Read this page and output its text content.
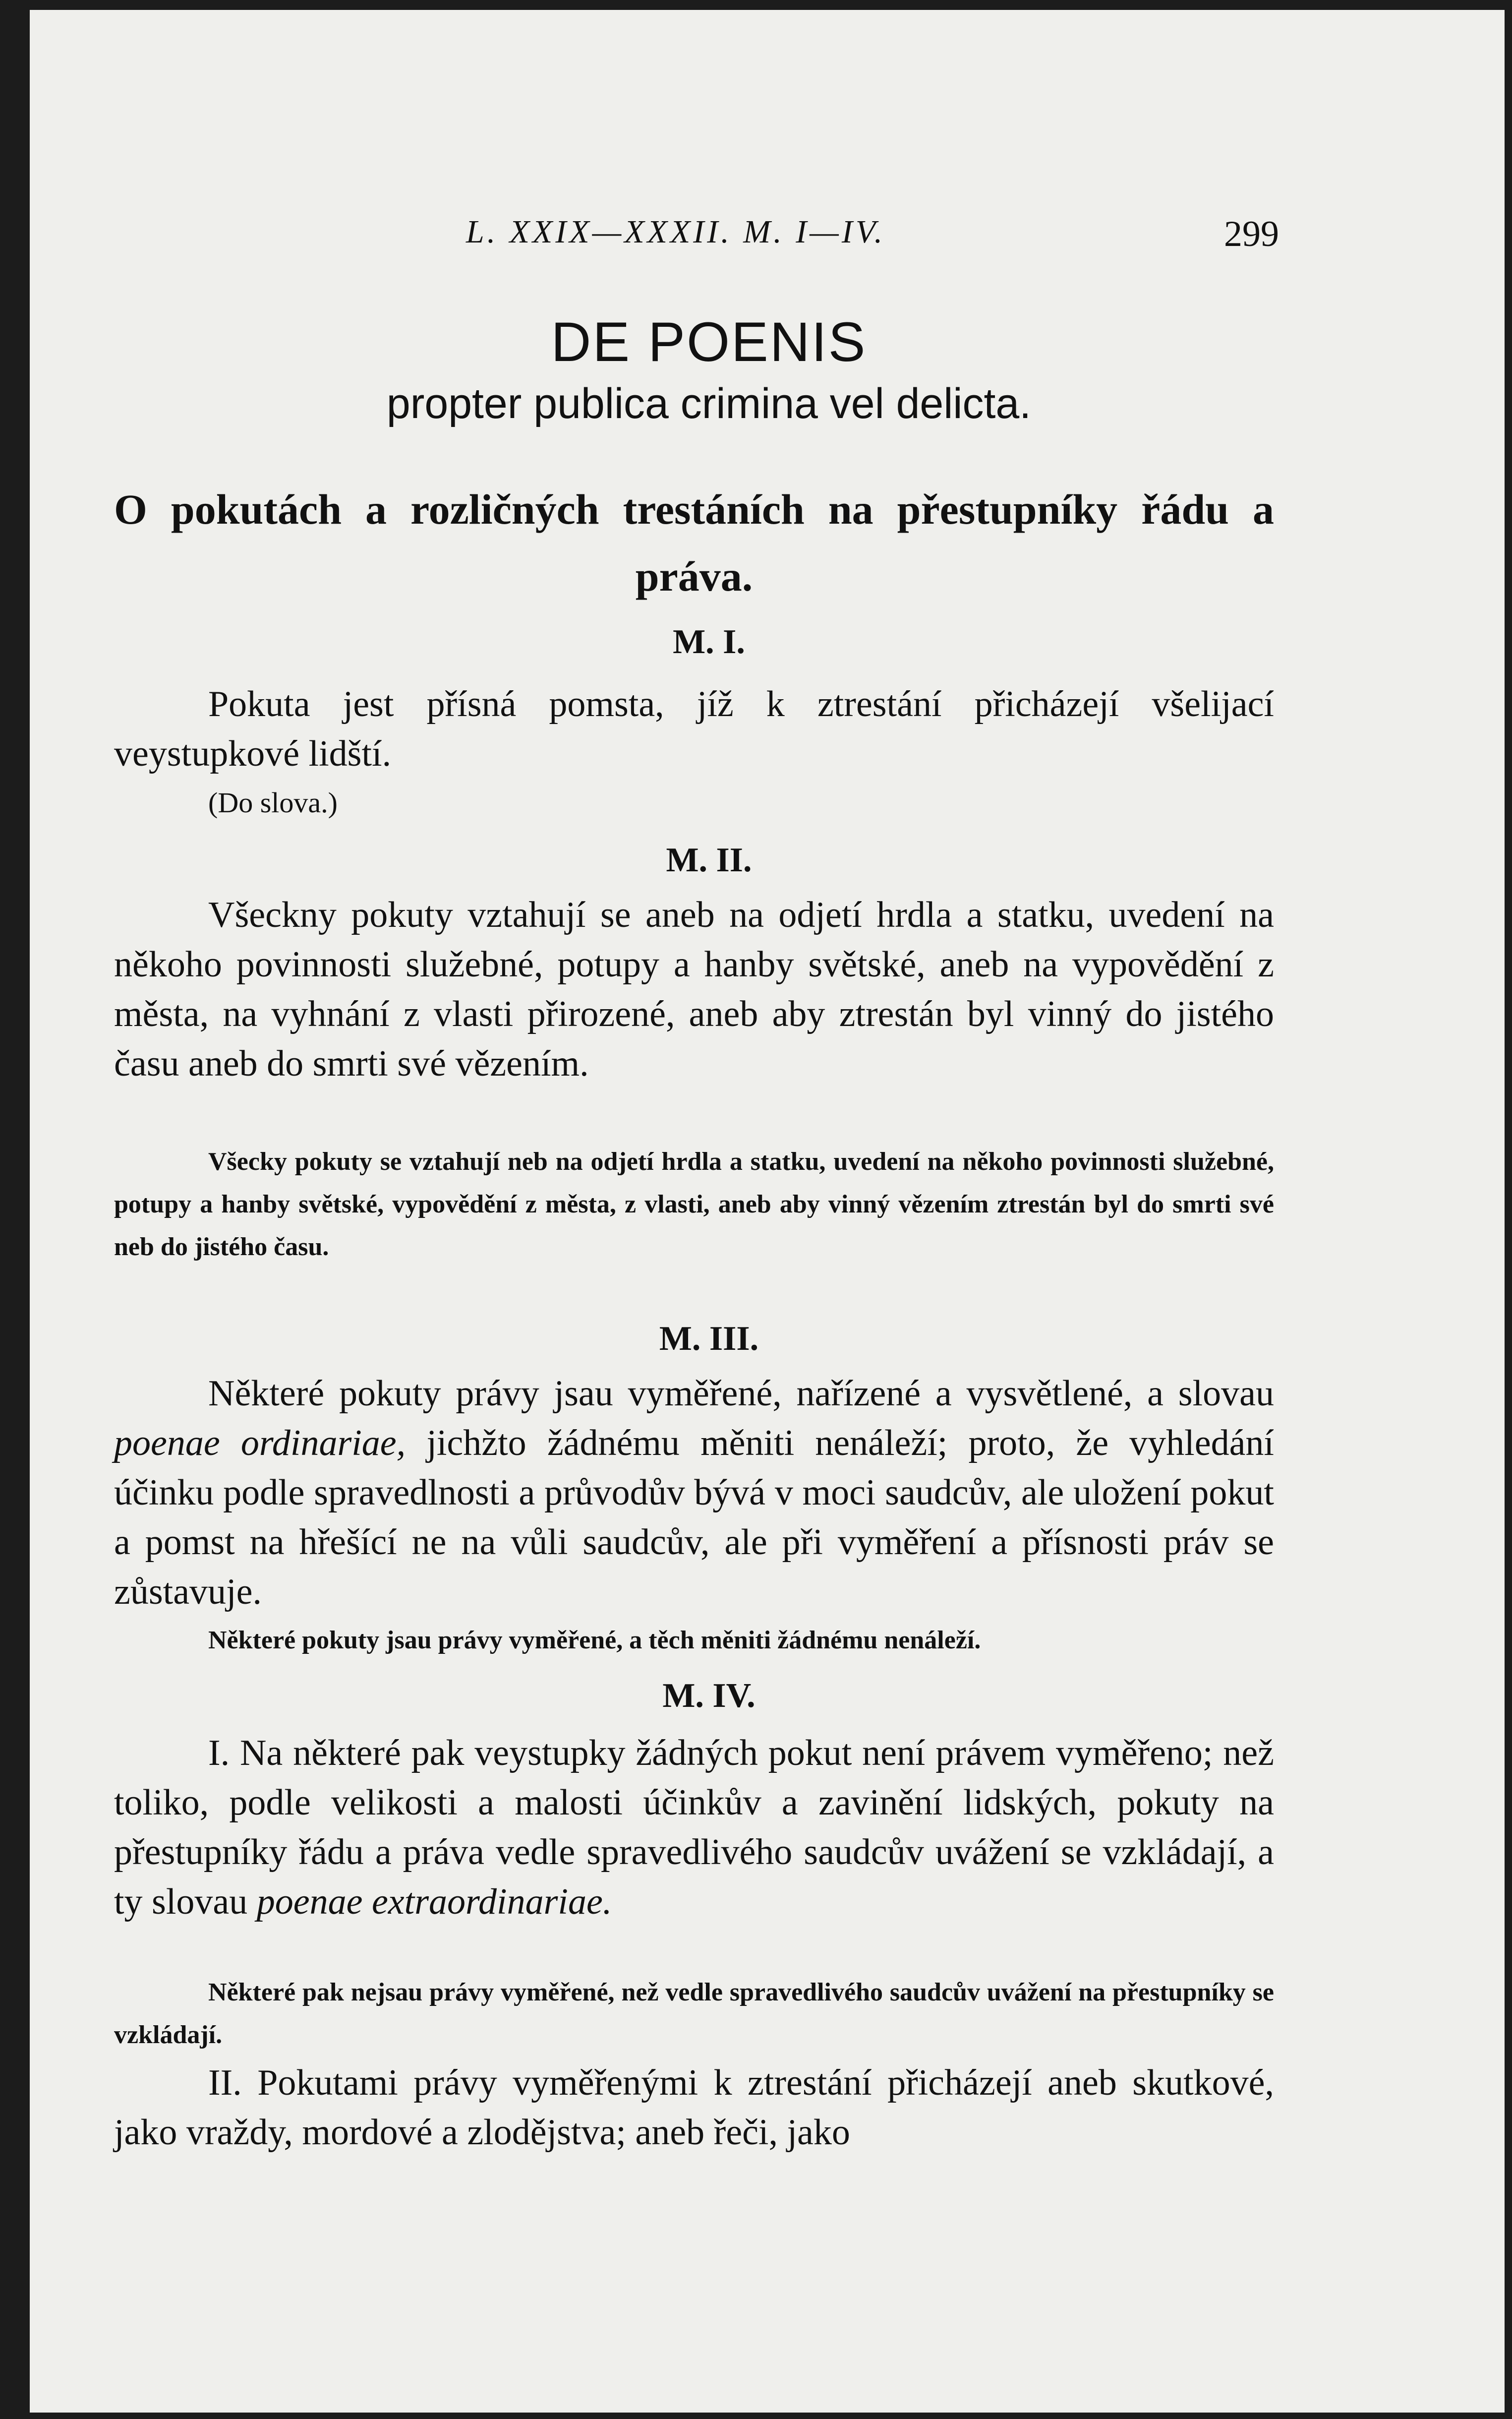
L. XXIX—XXXII. M. I—IV.	299
DE POENIS
propter publica crimina vel delicta.
O pokutách a rozličných trestáních na přestupníky řádu a práva.
M. I.
Pokuta jest přísná pomsta, jíž k ztrestání přicházejí všelijací veystupkové lidští.
(Do slova.)
M. II.
Všeckny pokuty vztahují se aneb na odjetí hrdla a statku, uvedení na někoho povinnosti služebné, potupy a hanby světské, aneb na vypovědění z města, na vyhnání z vlasti přirozené, aneb aby ztrestán byl vinný do jistého času aneb do smrti své vězením.
Všecky pokuty se vztahují neb na odjetí hrdla a statku, uvedení na někoho povinnosti služebné, potupy a hanby světské, vypovědění z města, z vlasti, aneb aby vinný vězením ztrestán byl do smrti své neb do jistého času.
M. III.
Některé pokuty právy jsau vyměřené, nařízené a vysvětlené, a slovau poenae ordinariae, jichžto žádnému měniti nenáleží; proto, že vyhledání účinku podle spravedlnosti a průvodův bývá v moci saudcův, ale uložení pokut a pomst na hřešící ne na vůli saudcův, ale při vyměření a přísnosti práv se zůstavuje.
Některé pokuty jsau právy vyměřené, a těch měniti žádnému nenáleží.
M. IV.
I. Na některé pak veystupky žádných pokut není právem vyměřeno; než toliko, podle velikosti a malosti účinkův a zavinění lidských, pokuty na přestupníky řádu a práva vedle spravedlivého saudcův uvážení se vzkládají, a ty slovau poenae extraordinariae.
Některé pak nejsau právy vyměřené, než vedle spravedlivého saudcův uvážení na přestupníky se vzkládají.
II. Pokutami právy vyměřenými k ztrestání přicházejí aneb skutkové, jako vraždy, mordové a zlodějstva; aneb řeči, jako
